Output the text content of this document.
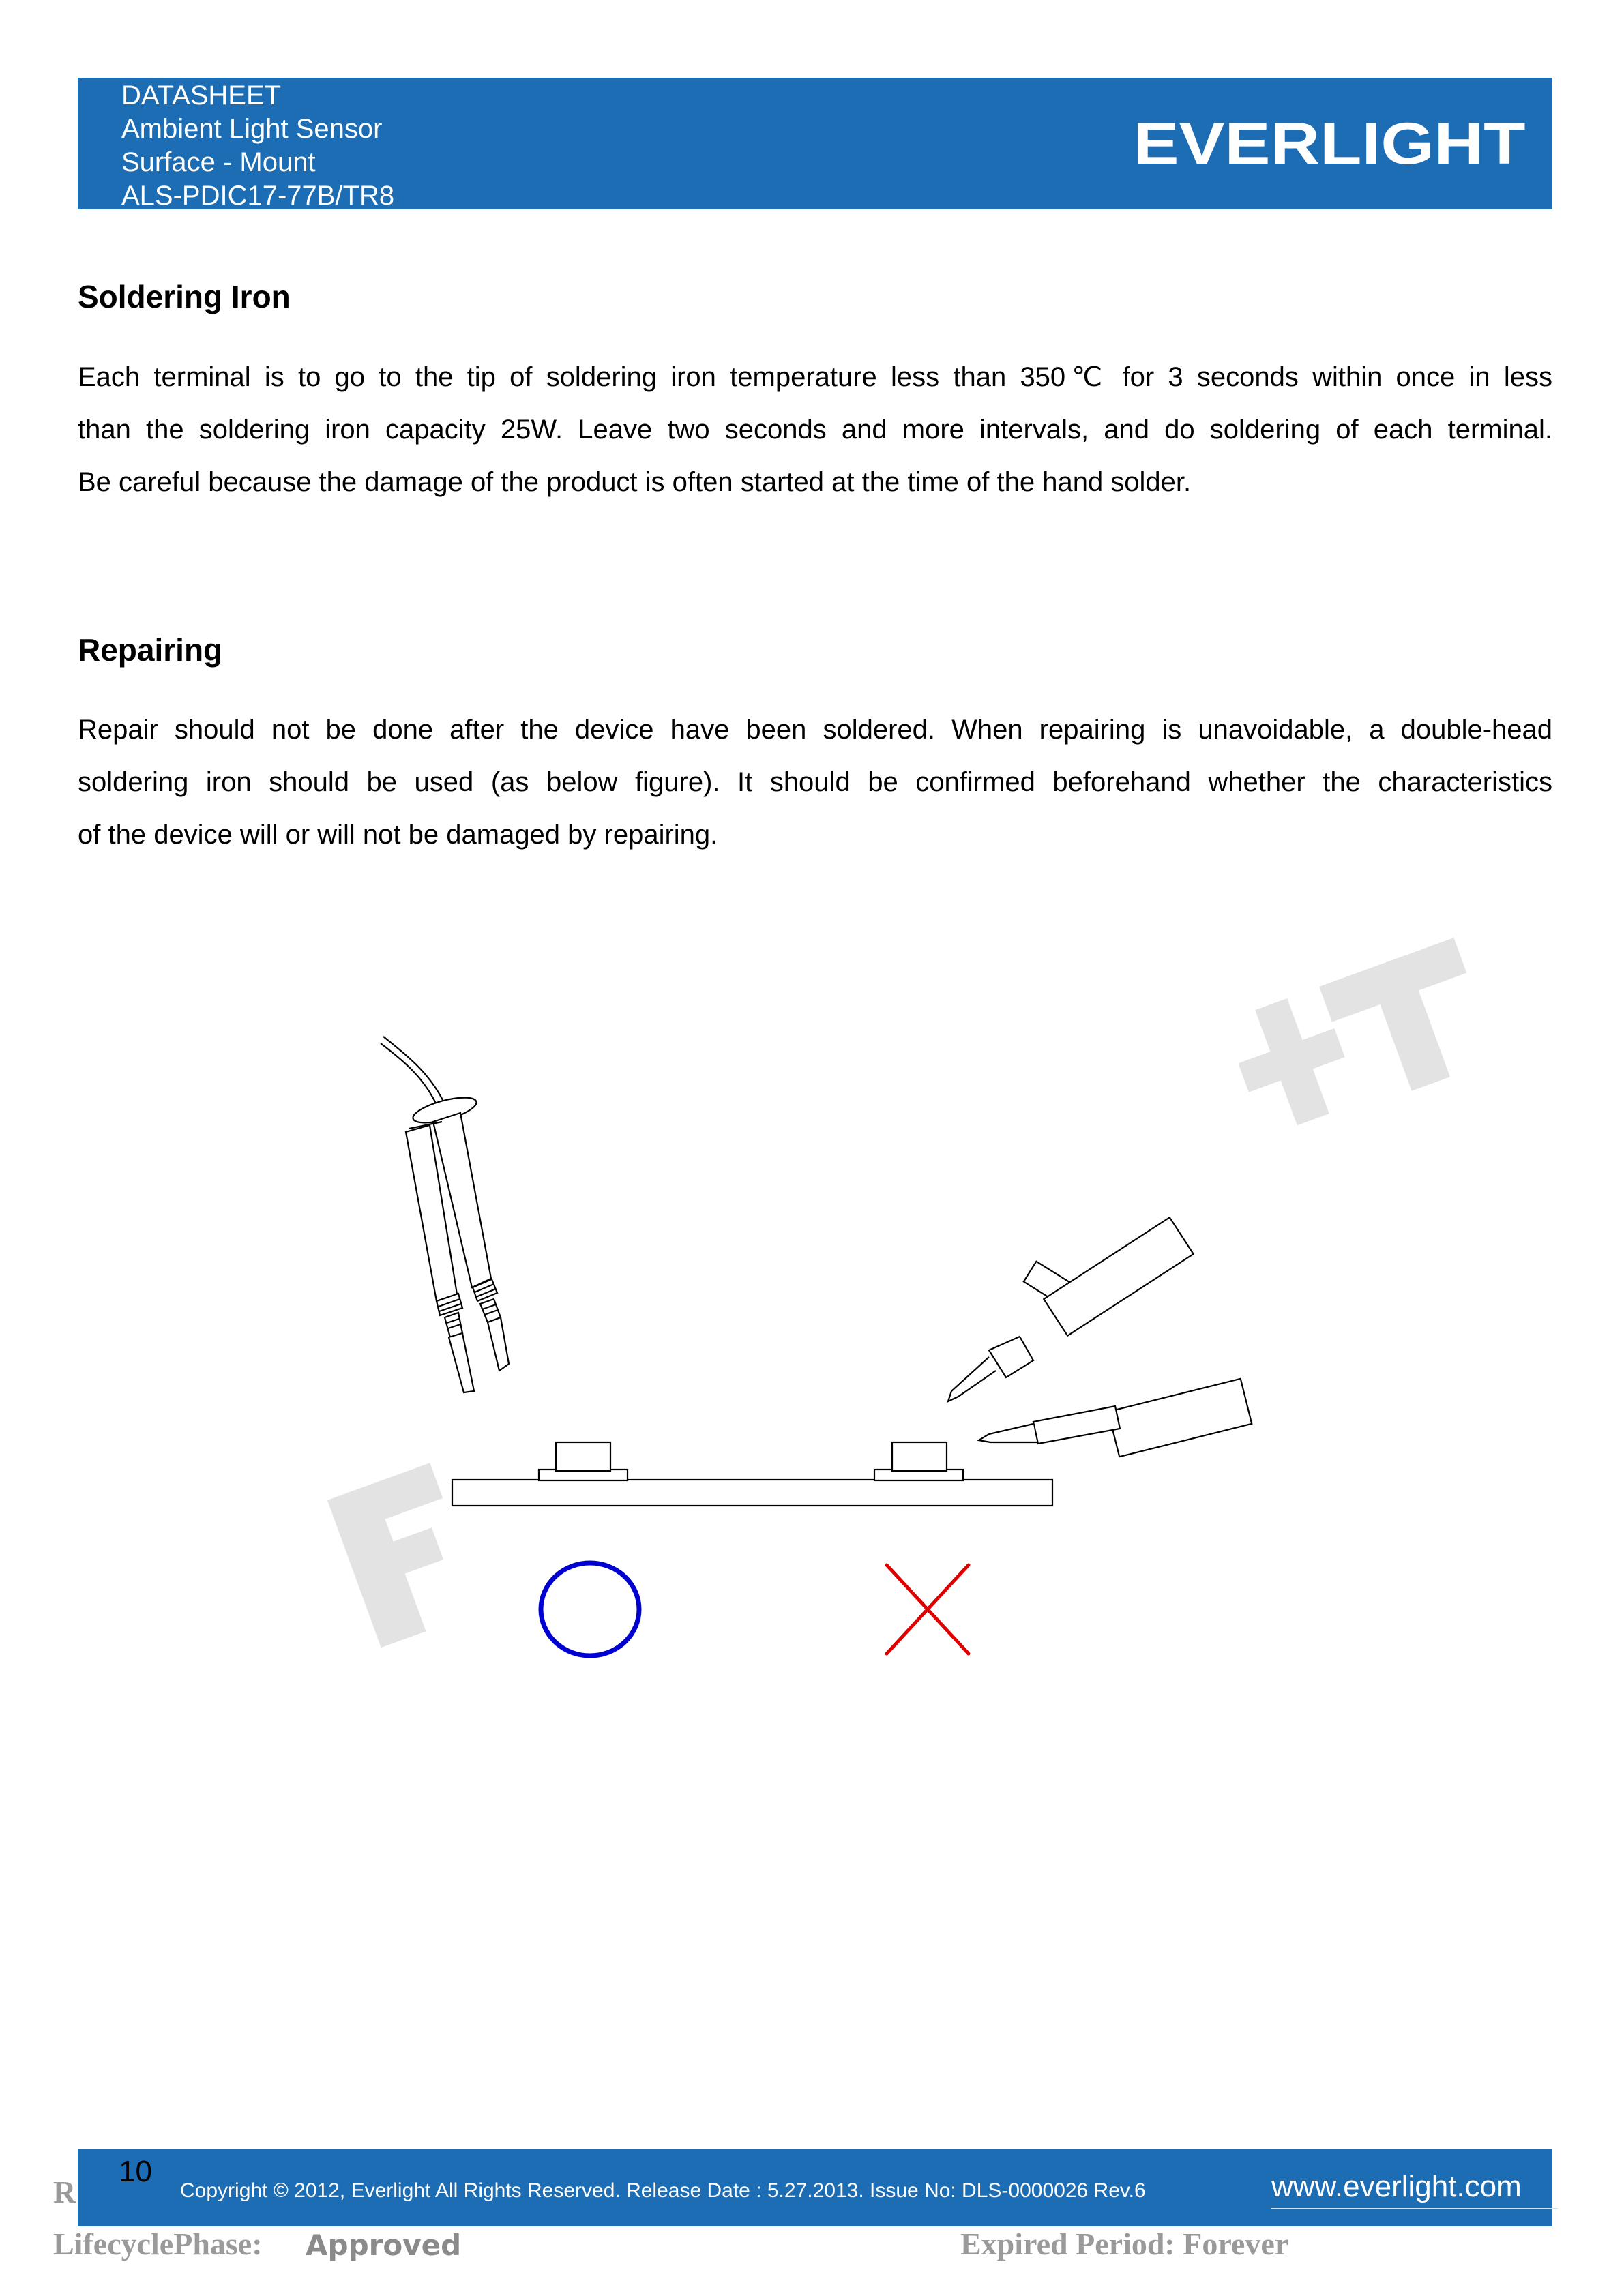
DATASHEET
Ambient Light Sensor
Surface - Mount
ALS-PDIC17-77B/TR8
EVERLIGHT
Soldering Iron

Each terminal is to go to the tip of soldering iron temperature less than 350℃ for 3 seconds within once in less

than the soldering iron capacity 25W. Leave two seconds and more intervals, and do soldering of each terminal.

Be careful because the damage of the product is often started at the time of the hand solder.

Repairing

Repair should not be done after the device have been soldered. When repairing is unavoidable, a double-head

soldering iron should be used (as below figure). It should be confirmed beforehand whether the characteristics

of the device will or will not be damaged by repairing.

10
Copyright © 2012, Everlight All Rights Reserved. Release Date : 5.27.2013. Issue No: DLS-0000026 Rev.6	www.everlight.com
R
LifecyclePhase: Approved	Expired Period: Forever
